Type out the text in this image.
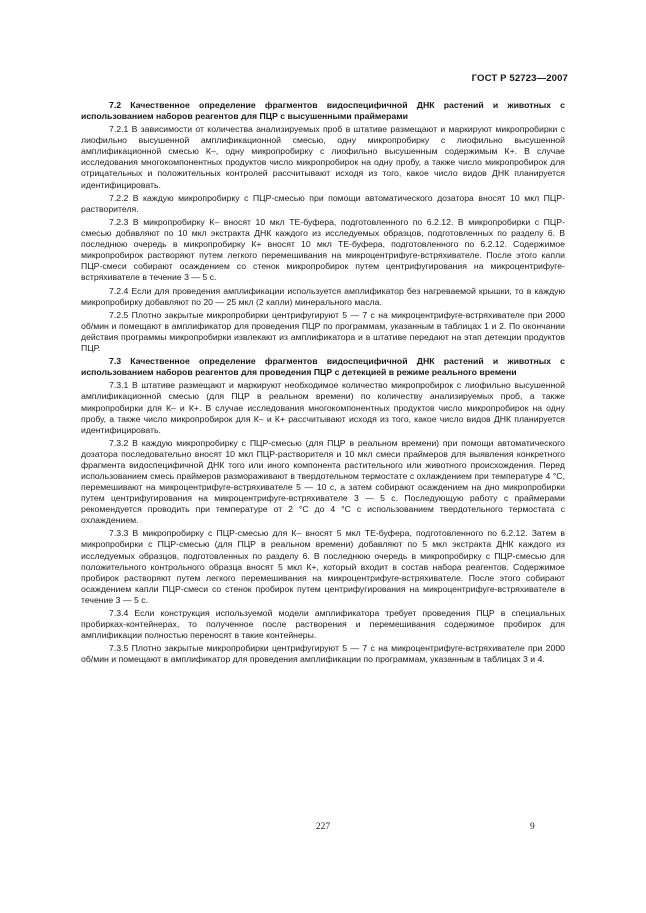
ГОСТ Р 52723—2007

7.2 Качественное определение фрагментов видоспецифичной ДНК растений и животных с использованием наборов реагентов для ПЦР с высушенными праймерами

7.2.1 В зависимости от количества анализируемых проб в штативе размещают и маркируют микропробирки с лиофильно высушенной амплификационной смесью, одну микропробирку с лиофильно высушенной амплификационной смесью К–, одну микропробирку с лиофильно высушенным содержимым К+. В случае исследования многокомпонентных продуктов число микропробирок на одну пробу, а также число микропробирок для отрицательных и положительных контролей рассчитывают исходя из того, какое число видов ДНК планируется идентифицировать.

7.2.2 В каждую микропробирку с ПЦР-смесью при помощи автоматического дозатора вносят 10 мкл ПЦР-растворителя.

7.2.3 В микропробирку К– вносят 10 мкл ТЕ-буфера, подготовленного по 6.2.12. В микропробирки с ПЦР-смесью добавляют по 10 мкл экстракта ДНК каждого из исследуемых образцов, подготовленных по разделу 6. В последнюю очередь в микропробирку К+ вносят 10 мкл ТЕ-буфера, подготовленного по 6.2.12. Содержимое микропробирок растворяют путем легкого перемешивания на микроцентрифуге-встряхивателе. После этого капли ПЦР-смеси собирают осаждением со стенок микропробирок путем центрифугирования на микроцентрифуге-встряхивателе в течение 3 — 5 с.

7.2.4 Если для проведения амплификации используется амплификатор без нагреваемой крышки, то в каждую микропробирку добавляют по 20 — 25 мкл (2 капли) минерального масла.

7.2.5 Плотно закрытые микропробирки центрифугируют 5 — 7 с на микроцентрифуге-встряхивателе при 2000 об/мин и помещают в амплификатор для проведения ПЦР по программам, указанным в таблицах 1 и 2. По окончании действия программы микропробирки извлекают из амплификатора и в штативе передают на этап детекции продуктов ПЦР.

7.3 Качественное определение фрагментов видоспецифичной ДНК растений и животных с использованием наборов реагентов для проведения ПЦР с детекцией в режиме реального времени

7.3.1 В штативе размещают и маркируют необходимое количество микропробирок с лиофильно высушенной амплификационной смесью (для ПЦР в реальном времени) по количеству анализируемых проб, а также микропробирки для К– и К+. В случае исследования многокомпонентных продуктов число микропробирок на одну пробу, а также число микропробирок для К– и К+ рассчитывают исходя из того, какое число видов ДНК планируется идентифицировать.

7.3.2 В каждую микропробирку с ПЦР-смесью (для ПЦР в реальном времени) при помощи автоматического дозатора последовательно вносят 10 мкл ПЦР-растворителя и 10 мкл смеси праймеров для выявления конкретного фрагмента видоспецифичной ДНК того или иного компонента растительного или животного происхождения. Перед использованием смесь праймеров размораживают в твердотельном термостате с охлаждением при температуре 4 °С, перемешивают на микроцентрифуге-встряхивателе 5 — 10 с, а затем собирают осаждением на дно микропробирки путем центрифугирования на микроцентрифуге-встряхивателе 3 — 5 с. Последующую работу с праймерами рекомендуется проводить при температуре от 2 °С до 4 °С с использованием твердотельного термостата с охлаждением.

7.3.3 В микропробирку с ПЦР-смесью для К– вносят 5 мкл ТЕ-буфера, подготовленного по 6.2.12. Затем в микропробирки с ПЦР-смесью (для ПЦР в реальном времени) добавляют по 5 мкл экстракта ДНК каждого из исследуемых образцов, подготовленных по разделу 6. В последнюю очередь в микропробирку с ПЦР-смесью для положительного контрольного образца вносят 5 мкл К+, который входит в состав набора реагентов. Содержимое пробирок растворяют путем легкого перемешивания на микроцентрифуге-встряхивателе. После этого собирают осаждением капли ПЦР-смеси со стенок пробирок путем центрифугирования на микроцентрифуге-встряхивателе в течение 3 — 5 с.

7.3.4 Если конструкция используемой модели амплификатора требует проведения ПЦР в специальных пробирках-контейнерах, то полученное после растворения и перемешивания содержимое пробирок для амплификации полностью переносят в такие контейнеры.

7.3.5 Плотно закрытые микропробирки центрифугируют 5 — 7 с на микроцентрифуге-встряхивателе при 2000 об/мин и помещают в амплификатор для проведения амплификации по программам, указанным в таблицах 3 и 4.

227	9
